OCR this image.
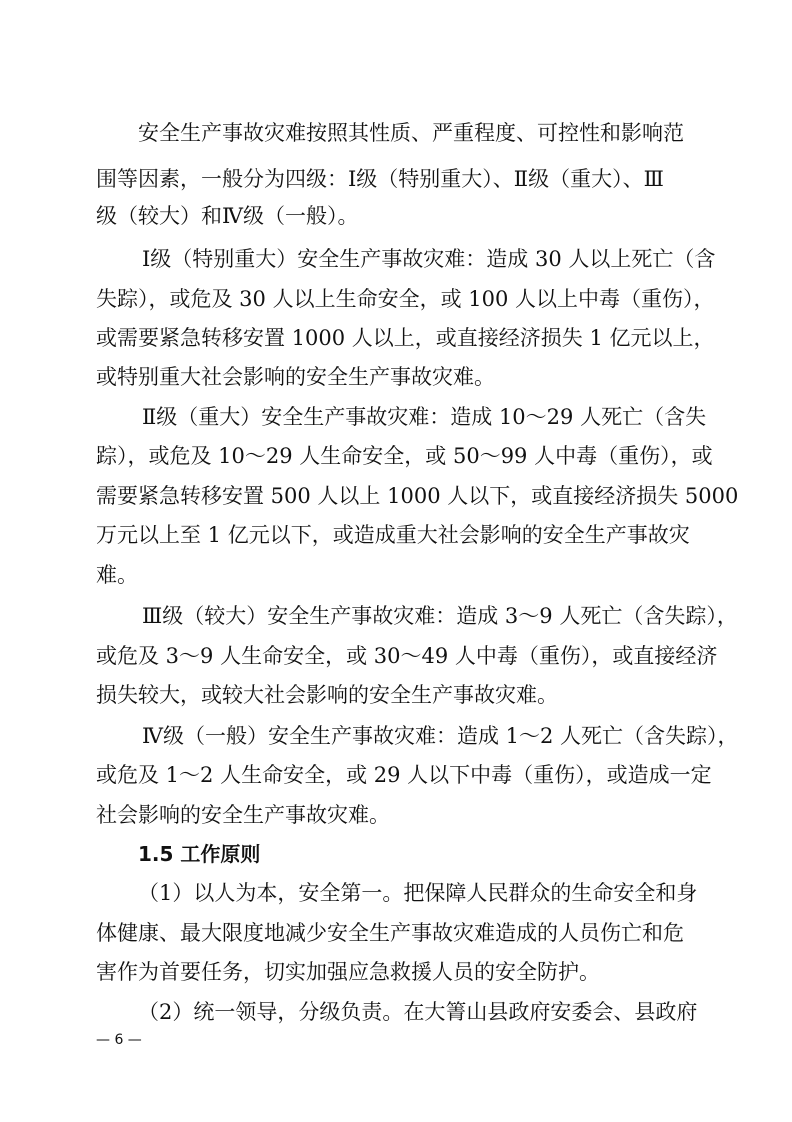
安全生产事故灾难按照其性质、严重程度、可控性和影响范

围等因素，一般分为四级：Ⅰ级（特别重大）、Ⅱ级（重大）、Ⅲ

级（较大）和Ⅳ级（一般）。

Ⅰ级（特别重大）安全生产事故灾难：造成 30 人以上死亡（含

失踪），或危及 30 人以上生命安全，或 100 人以上中毒（重伤），

或需要紧急转移安置 1000 人以上，或直接经济损失 1 亿元以上，

或特别重大社会影响的安全生产事故灾难。

Ⅱ级（重大）安全生产事故灾难：造成 10～29 人死亡（含失

踪），或危及 10～29 人生命安全，或 50～99 人中毒（重伤），或

需要紧急转移安置 500 人以上 1000 人以下，或直接经济损失 5000

万元以上至 1 亿元以下，或造成重大社会影响的安全生产事故灾

难。

Ⅲ级（较大）安全生产事故灾难：造成 3～9 人死亡（含失踪），

或危及 3～9 人生命安全，或 30～49 人中毒（重伤），或直接经济

损失较大，或较大社会影响的安全生产事故灾难。

Ⅳ级（一般）安全生产事故灾难：造成 1～2 人死亡（含失踪），

或危及 1～2 人生命安全，或 29 人以下中毒（重伤），或造成一定

社会影响的安全生产事故灾难。

1.5 工作原则

（1）以人为本，安全第一。把保障人民群众的生命安全和身

体健康、最大限度地减少安全生产事故灾难造成的人员伤亡和危

害作为首要任务，切实加强应急救援人员的安全防护。

（2）统一领导，分级负责。在大箐山县政府安委会、县政府

— 6 —
